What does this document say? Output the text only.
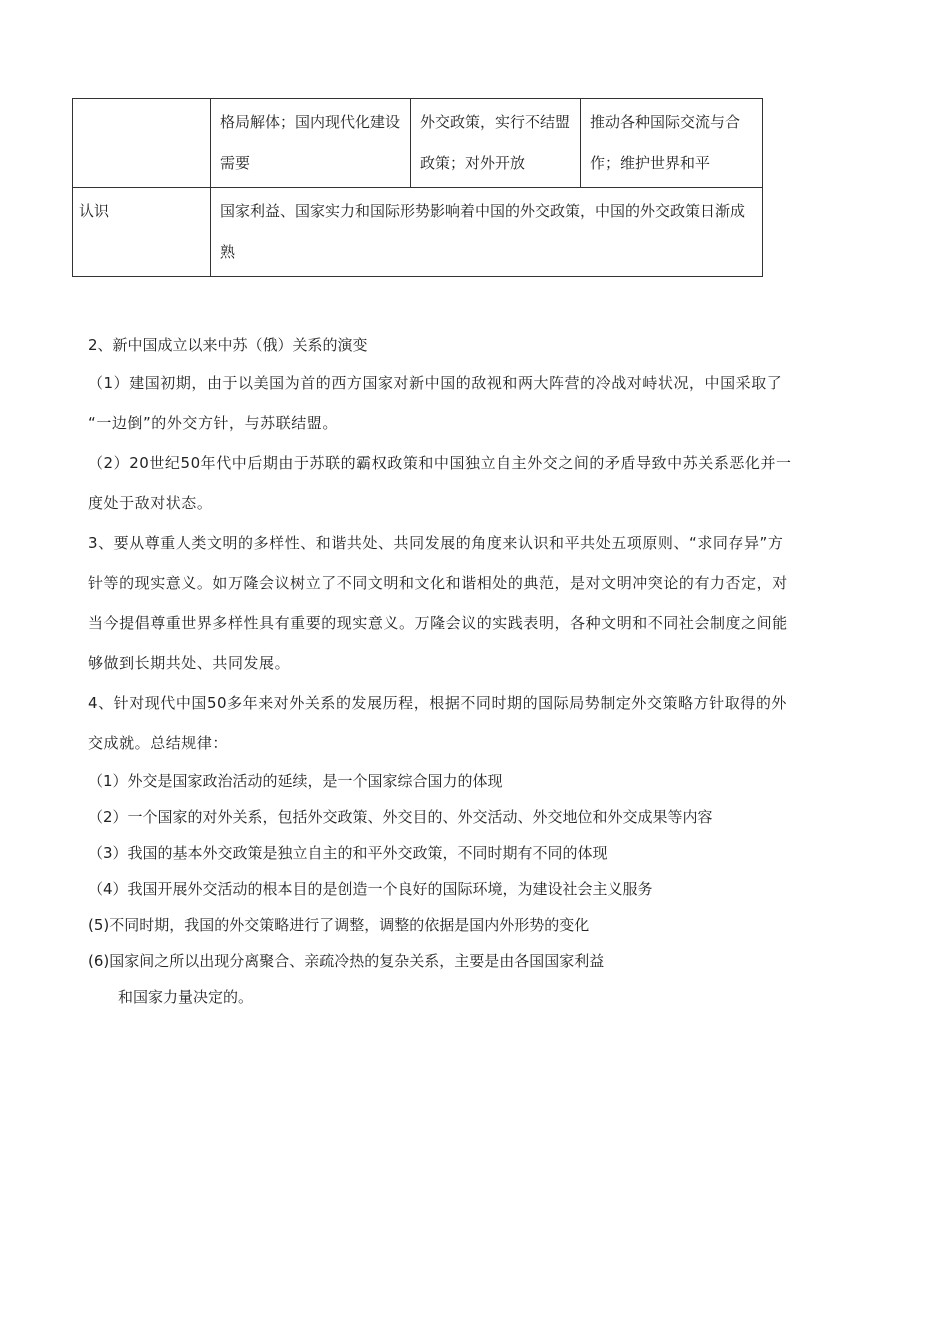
	格局解体；国内现代化建设需要	外交政策，实行不结盟政策；对外开放	推动各种国际交流与合作；维护世界和平
认识	国家利益、国家实力和国际形势影响着中国的外交政策，中国的外交政策日渐成熟		

2、新中国成立以来中苏（俄）关系的演变

（1）建国初期，由于以美国为首的西方国家对新中国的敌视和两大阵营的冷战对峙状况，中国采取了

“一边倒”的外交方针，与苏联结盟。

（2）20世纪50年代中后期由于苏联的霸权政策和中国独立自主外交之间的矛盾导致中苏关系恶化并一

度处于敌对状态。

3、要从尊重人类文明的多样性、和谐共处、共同发展的角度来认识和平共处五项原则、“求同存异”方

针等的现实意义。如万隆会议树立了不同文明和文化和谐相处的典范，是对文明冲突论的有力否定，对

当今提倡尊重世界多样性具有重要的现实意义。万隆会议的实践表明，各种文明和不同社会制度之间能

够做到长期共处、共同发展。

4、针对现代中国50多年来对外关系的发展历程，根据不同时期的国际局势制定外交策略方针取得的外

交成就。总结规律：

（1）外交是国家政治活动的延续，是一个国家综合国力的体现

（2）一个国家的对外关系，包括外交政策、外交目的、外交活动、外交地位和外交成果等内容

（3）我国的基本外交政策是独立自主的和平外交政策，不同时期有不同的体现

（4）我国开展外交活动的根本目的是创造一个良好的国际环境，为建设社会主义服务

(5)不同时期，我国的外交策略进行了调整，调整的依据是国内外形势的变化

(6)国家间之所以出现分离聚合、亲疏冷热的复杂关系，主要是由各国国家利益

和国家力量决定的。
